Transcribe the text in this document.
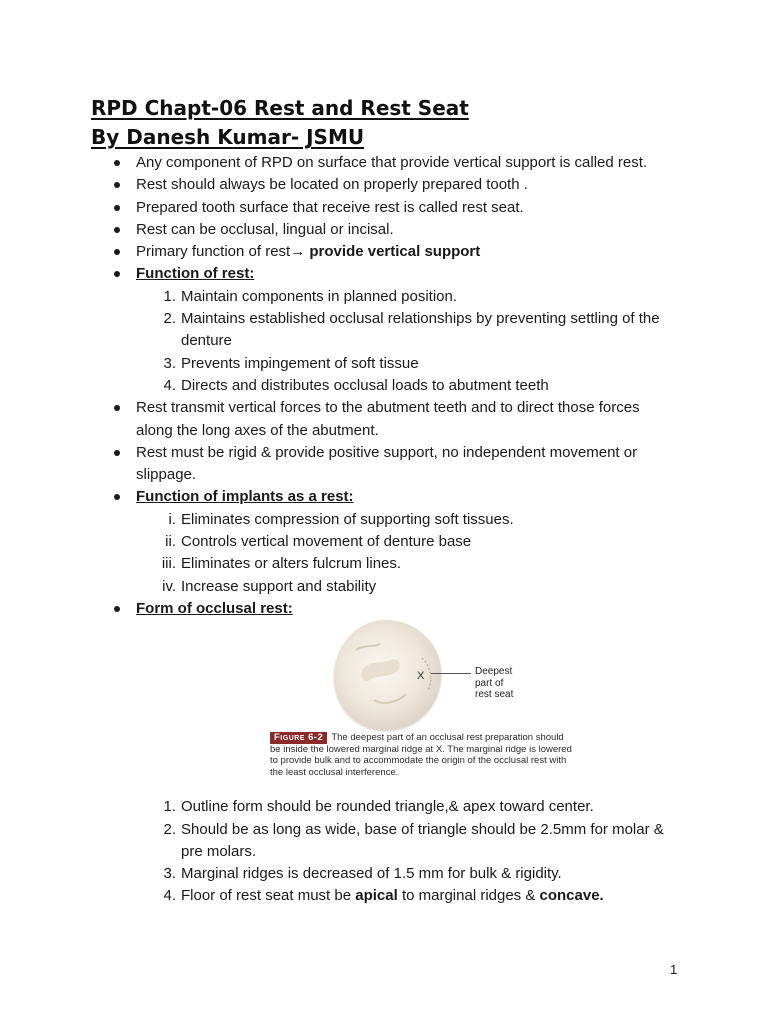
RPD Chapt-06 Rest and Rest Seat
By Danesh Kumar- JSMU
Any component of RPD on surface that provide vertical support is called rest.
Rest should always be located on properly prepared tooth .
Prepared tooth surface that receive rest is called rest seat.
Rest can be occlusal, lingual or incisal.
Primary function of rest→ provide vertical support
Function of rest:
1. Maintain components in planned position.
2. Maintains established occlusal relationships by preventing settling of the denture
3. Prevents impingement of soft tissue
4. Directs and distributes occlusal loads to abutment teeth
Rest transmit vertical forces to the abutment teeth and to direct those forces along the long axes of the abutment.
Rest must be rigid & provide positive support, no independent movement or slippage.
Function of implants as a rest:
i. Eliminates compression of supporting soft tissues.
ii. Controls vertical movement of denture base
iii. Eliminates or alters fulcrum lines.
iv. Increase support and stability
Form of occlusal rest:
X	Deepest
part of
rest seat
Figure 6-2 The deepest part of an occlusal rest preparation should be inside the lowered marginal ridge at X. The marginal ridge is lowered to provide bulk and to accommodate the origin of the occlusal rest with the least occlusal interference.
1. Outline form should be rounded triangle,& apex toward center.
2. Should be as long as wide, base of triangle should be 2.5mm for molar & pre molars.
3. Marginal ridges is decreased of 1.5 mm for bulk & rigidity.
4. Floor of rest seat must be apical to marginal ridges & concave.
1
